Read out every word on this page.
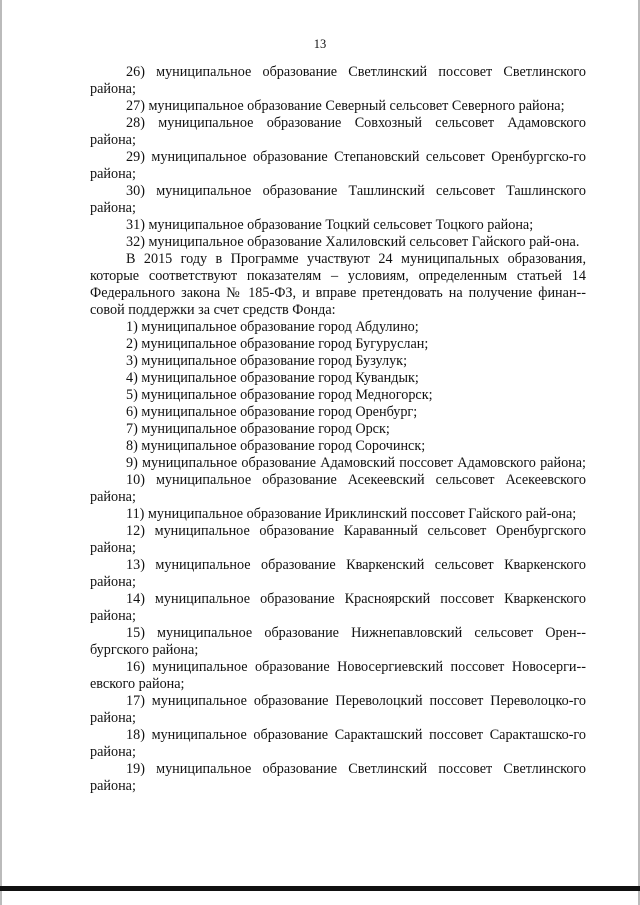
13

26) муниципальное образование Светлинский поссовет Светлинского района;

27) муниципальное образование Северный сельсовет Северного района;

28) муниципальное образование Совхозный сельсовет Адамовского района;

29) муниципальное образование Степановский сельсовет Оренбургско-го района;

30) муниципальное образование Ташлинский сельсовет Ташлинского района;

31) муниципальное образование Тоцкий сельсовет Тоцкого района;

32) муниципальное образование Халиловский сельсовет Гайского рай-она.

В 2015 году в Программе участвуют 24 муниципальных образования, которые соответствуют показателям – условиям, определенным статьей 14 Федерального закона № 185-ФЗ, и вправе претендовать на получение финан-совой поддержки за счет средств Фонда:

1) муниципальное образование город Абдулино;

2) муниципальное образование город Бугуруслан;

3) муниципальное образование город Бузулук;

4) муниципальное образование город Кувандык;

5) муниципальное образование город Медногорск;

6) муниципальное образование город Оренбург;

7) муниципальное образование город Орск;

8) муниципальное образование город Сорочинск;

9) муниципальное образование Адамовский поссовет Адамовского района;

10) муниципальное образование Асекеевский сельсовет Асекеевского района;

11) муниципальное образование Ириклинский поссовет Гайского рай-она;

12) муниципальное образование Караванный сельсовет Оренбургского района;

13) муниципальное образование Кваркенский сельсовет Кваркенского района;

14) муниципальное образование Красноярский поссовет Кваркенского района;

15) муниципальное образование Нижнепавловский сельсовет Орен-бургского района;

16) муниципальное образование Новосергиевский поссовет Новосерги-евского района;

17) муниципальное образование Переволоцкий поссовет Переволоцко-го района;

18) муниципальное образование Саракташский поссовет Саракташско-го района;

19) муниципальное образование Светлинский поссовет Светлинского района;
